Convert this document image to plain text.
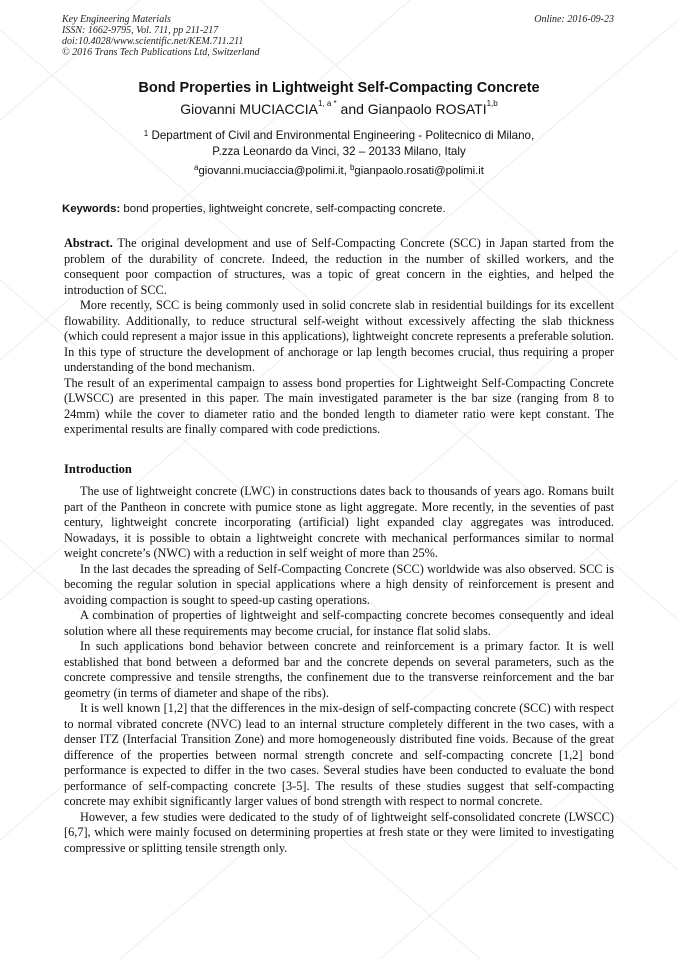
Key Engineering Materials
ISSN: 1662-9795, Vol. 711, pp 211-217
doi:10.4028/www.scientific.net/KEM.711.211
© 2016 Trans Tech Publications Ltd, Switzerland
Online: 2016-09-23
Bond Properties in Lightweight Self-Compacting Concrete
Giovanni $MUCIACCIA^{1, a *}$ and Gianpaolo ROSATI$^{1,b}$
$^1$ Department of Civil and Environmental Engineering - Politecnico di Milano,
P.zza Leonardo da Vinci, 32 – 20133 Milano, Italy
$^a$giovanni.muciaccia@polimi.it, $^b$gianpaolo.rosati@polimi.it
Keywords: bond properties, lightweight concrete, self-compacting concrete.

Abstract. The original development and use of Self-Compacting Concrete (SCC) in Japan started from the problem of the durability of concrete. Indeed, the reduction in the number of skilled workers, and the consequent poor compaction of structures, was a topic of great concern in the eighties, and helped the introduction of SCC.

More recently, SCC is being commonly used in solid concrete slab in residential buildings for its excellent flowability. Additionally, to reduce structural self-weight without excessively affecting the slab thickness (which could represent a major issue in this applications), lightweight concrete represents a preferable solution. In this type of structure the development of anchorage or lap length becomes crucial, thus requiring a proper understanding of the bond mechanism.

The result of an experimental campaign to assess bond properties for Lightweight Self-Compacting Concrete (LWSCC) are presented in this paper. The main investigated parameter is the bar size (ranging from 8 to 24mm) while the cover to diameter ratio and the bonded length to diameter ratio were kept constant. The experimental results are finally compared with code predictions.

Introduction

The use of lightweight concrete (LWC) in constructions dates back to thousands of years ago. Romans built part of the Pantheon in concrete with pumice stone as light aggregate. More recently, in the seventies of past century, lightweight concrete incorporating (artificial) light expanded clay aggregates was introduced. Nowadays, it is possible to obtain a lightweight concrete with mechanical performances similar to normal weight concrete’s (NWC) with a reduction in self weight of more than 25%.

In the last decades the spreading of Self-Compacting Concrete (SCC) worldwide was also observed. SCC is becoming the regular solution in special applications where a high density of reinforcement is present and avoiding compaction is sought to speed-up casting operations.

A combination of properties of lightweight and self-compacting concrete becomes consequently and ideal solution where all these requirements may become crucial, for instance flat solid slabs.

In such applications bond behavior between concrete and reinforcement is a primary factor. It is well established that bond between a deformed bar and the concrete depends on several parameters, such as the concrete compressive and tensile strengths, the confinement due to the transverse reinforcement and the bar geometry (in terms of diameter and shape of the ribs).

It is well known [1,2] that the differences in the mix-design of self-compacting concrete (SCC) with respect to normal vibrated concrete (NVC) lead to an internal structure completely different in the two cases, with a denser ITZ (Interfacial Transition Zone) and more homogeneously distributed fine voids. Because of the great difference of the properties between normal strength concrete and self-compacting concrete [1,2] bond performance is expected to differ in the two cases. Several studies have been conducted to evaluate the bond performance of self-compacting concrete [3-5]. The results of these studies suggest that self-compacting concrete may exhibit significantly larger values of bond strength with respect to normal concrete.

However, a few studies were dedicated to the study of of lightweight self-consolidated concrete (LWSCC) [6,7], which were mainly focused on determining properties at fresh state or they were limited to investigating compressive or splitting tensile strength only.
